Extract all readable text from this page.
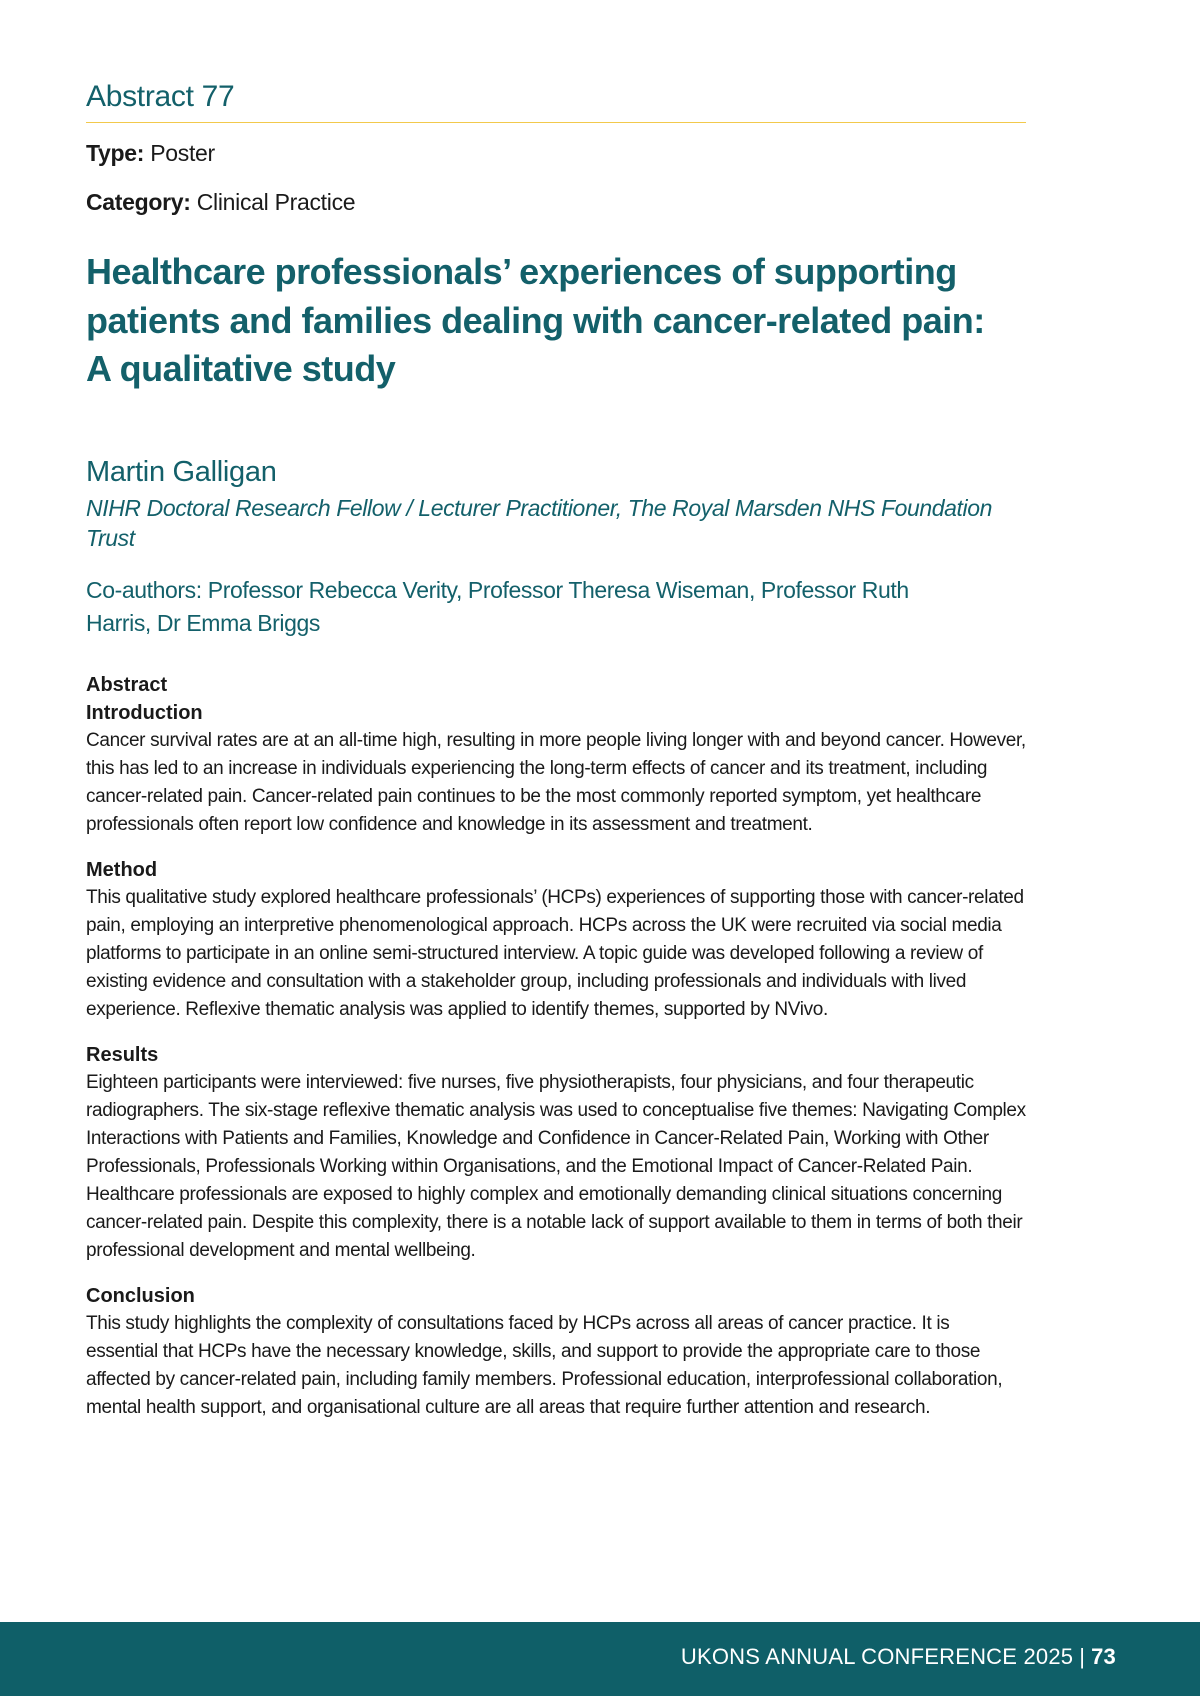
Abstract 77

Type: Poster

Category: Clinical Practice

Healthcare professionals’ experiences of supporting patients and families dealing with cancer-related pain: A qualitative study

Martin Galligan

NIHR Doctoral Research Fellow / Lecturer Practitioner, The Royal Marsden NHS Foundation Trust

Co-authors: Professor Rebecca Verity, Professor Theresa Wiseman, Professor Ruth Harris, Dr Emma Briggs

Abstract

Introduction

Cancer survival rates are at an all-time high, resulting in more people living longer with and beyond cancer. However, this has led to an increase in individuals experiencing the long-term effects of cancer and its treatment, including cancer-related pain. Cancer-related pain continues to be the most commonly reported symptom, yet healthcare professionals often report low confidence and knowledge in its assessment and treatment.

Method

This qualitative study explored healthcare professionals’ (HCPs) experiences of supporting those with cancer-related pain, employing an interpretive phenomenological approach. HCPs across the UK were recruited via social media platforms to participate in an online semi-structured interview. A topic guide was developed following a review of existing evidence and consultation with a stakeholder group, including professionals and individuals with lived experience. Reflexive thematic analysis was applied to identify themes, supported by NVivo.

Results

Eighteen participants were interviewed: five nurses, five physiotherapists, four physicians, and four therapeutic radiographers. The six-stage reflexive thematic analysis was used to conceptualise five themes: Navigating Complex Interactions with Patients and Families, Knowledge and Confidence in Cancer-Related Pain, Working with Other Professionals, Professionals Working within Organisations, and the Emotional Impact of Cancer-Related Pain. Healthcare professionals are exposed to highly complex and emotionally demanding clinical situations concerning cancer-related pain. Despite this complexity, there is a notable lack of support available to them in terms of both their professional development and mental wellbeing.

Conclusion

This study highlights the complexity of consultations faced by HCPs across all areas of cancer practice. It is essential that HCPs have the necessary knowledge, skills, and support to provide the appropriate care to those affected by cancer-related pain, including family members. Professional education, interprofessional collaboration, mental health support, and organisational culture are all areas that require further attention and research.

UKONS ANNUAL CONFERENCE 2025 | 73
